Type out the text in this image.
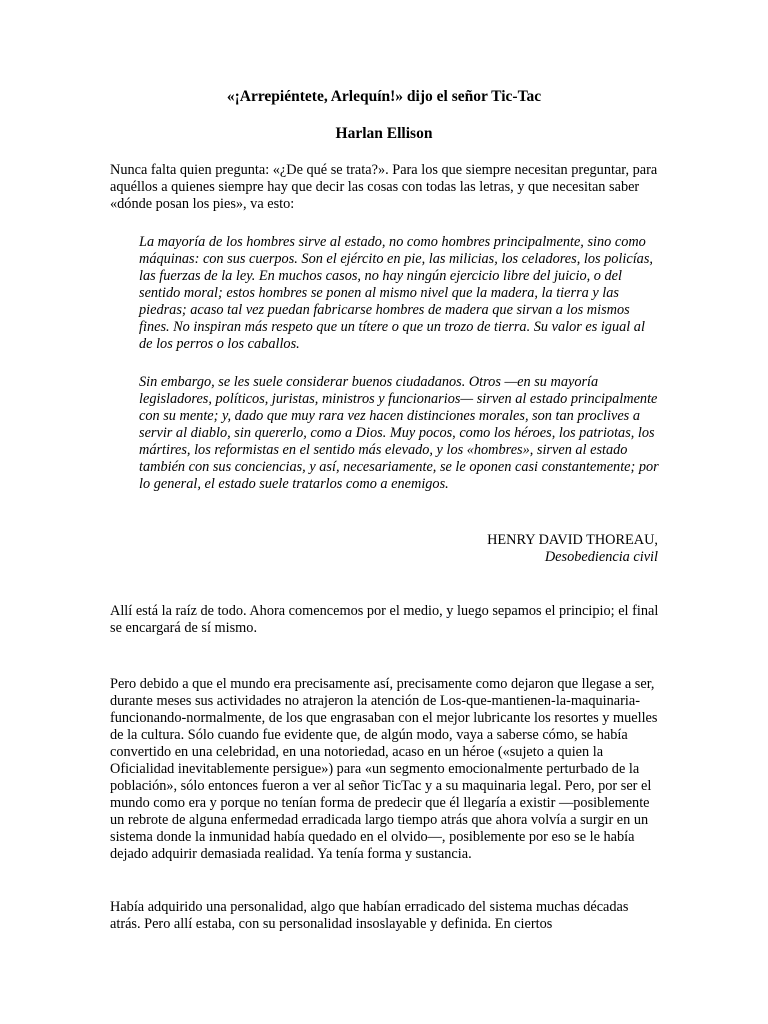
«¡Arrepiéntete, Arlequín!» dijo el señor Tic-Tac
Harlan Ellison

Nunca falta quien pregunta: «¿De qué se trata?». Para los que siempre necesitan preguntar, para aquéllos a quienes siempre hay que decir las cosas con todas las letras, y que necesitan saber «dónde posan los pies», va esto:

La mayoría de los hombres sirve al estado, no como hombres principalmente, sino como máquinas: con sus cuerpos. Son el ejército en pie, las milicias, los celadores, los policías, las fuerzas de la ley. En muchos casos, no hay ningún ejercicio libre del juicio, o del sentido moral; estos hombres se ponen al mismo nivel que la madera, la tierra y las piedras; acaso tal vez puedan fabricarse hombres de madera que sirvan a los mismos fines. No inspiran más respeto que un títere o que un trozo de tierra. Su valor es igual al de los perros o los caballos.

Sin embargo, se les suele considerar buenos ciudadanos. Otros —en su mayoría legisladores, políticos, juristas, ministros y funcionarios— sirven al estado principalmente con su mente; y, dado que muy rara vez hacen distinciones morales, son tan proclives a servir al diablo, sin quererlo, como a Dios. Muy pocos, como los héroes, los patriotas, los mártires, los reformistas en el sentido más elevado, y los «hombres», sirven al estado también con sus conciencias, y así, necesariamente, se le oponen casi constantemente; por lo general, el estado suele tratarlos como a enemigos.

HENRY DAVID THOREAU,

Desobediencia civil

Allí está la raíz de todo. Ahora comencemos por el medio, y luego sepamos el principio; el final se encargará de sí mismo.

Pero debido a que el mundo era precisamente así, precisamente como dejaron que llegase a ser, durante meses sus actividades no atrajeron la atención de Los-que-mantienen-la-maquinaria-funcionando-normalmente, de los que engrasaban con el mejor lubricante los resortes y muelles de la cultura. Sólo cuando fue evidente que, de algún modo, vaya a saberse cómo, se había convertido en una celebridad, en una notoriedad, acaso en un héroe («sujeto a quien la Oficialidad inevitablemente persigue») para «un segmento emocionalmente perturbado de la población», sólo entonces fueron a ver al señor TicTac y a su maquinaria legal. Pero, por ser el mundo como era y porque no tenían forma de predecir que él llegaría a existir —posiblemente un rebrote de alguna enfermedad erradicada largo tiempo atrás que ahora volvía a surgir en un sistema donde la inmunidad había quedado en el olvido—, posiblemente por eso se le había dejado adquirir demasiada realidad. Ya tenía forma y sustancia.

Había adquirido una personalidad, algo que habían erradicado del sistema muchas décadas atrás. Pero allí estaba, con su personalidad insoslayable y definida. En ciertos
